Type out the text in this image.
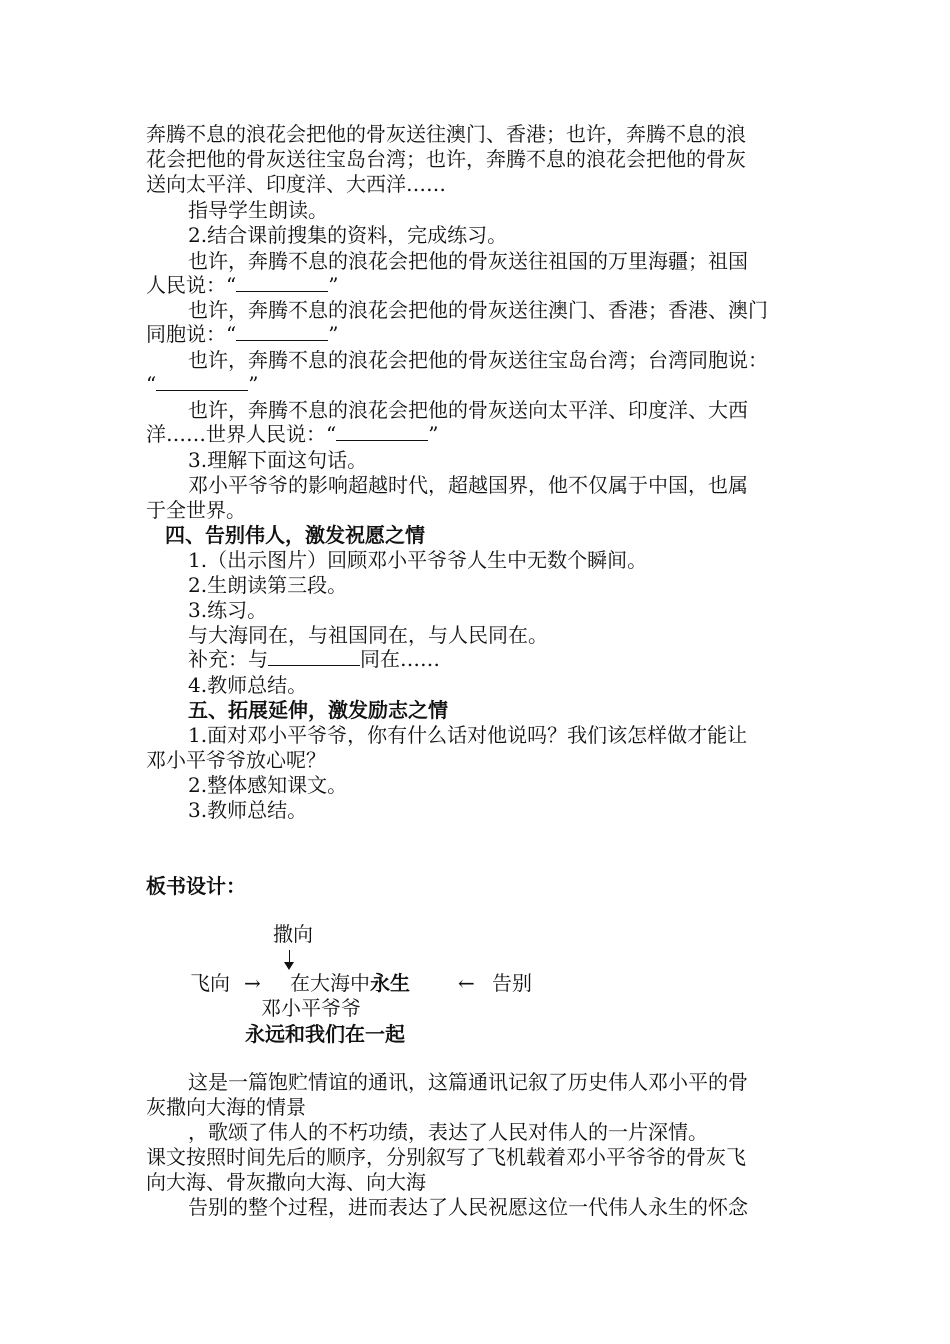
奔腾不息的浪花会把他的骨灰送往澳门、香港；也许，奔腾不息的浪
花会把他的骨灰送往宝岛台湾；也许，奔腾不息的浪花会把他的骨灰
送向太平洋、印度洋、大西洋……
指导学生朗读。
2.结合课前搜集的资料，完成练习。
也许，奔腾不息的浪花会把他的骨灰送往祖国的万里海疆；祖国
人民说：“	”
也许，奔腾不息的浪花会把他的骨灰送往澳门、香港；香港、澳门
同胞说：“	”
也许，奔腾不息的浪花会把他的骨灰送往宝岛台湾；台湾同胞说：
“	”
也许，奔腾不息的浪花会把他的骨灰送向太平洋、印度洋、大西
洋……世界人民说：“	”
3.理解下面这句话。
邓小平爷爷的影响超越时代，超越国界，他不仅属于中国，也属
于全世界。
四、告别伟人，激发祝愿之情
1.（出示图片）回顾邓小平爷爷人生中无数个瞬间。
2.生朗读第三段。
3.练习。
与大海同在，与祖国同在，与人民同在。
补充：与	同在……
4.教师总结。
五、拓展延伸，激发励志之情
1.面对邓小平爷爷，你有什么话对他说吗？我们该怎样做才能让
邓小平爷爷放心呢？
2.整体感知课文。
3.教师总结。
板书设计：
撒向
飞向 → 在大海中永生 ← 告别
邓小平爷爷
永远和我们在一起
这是一篇饱贮情谊的通讯，这篇通讯记叙了历史伟人邓小平的骨
灰撒向大海的情景
，歌颂了伟人的不朽功绩，表达了人民对伟人的一片深情。
课文按照时间先后的顺序，分别叙写了飞机载着邓小平爷爷的骨灰飞
向大海、骨灰撒向大海、向大海
告别的整个过程，进而表达了人民祝愿这位一代伟人永生的怀念
